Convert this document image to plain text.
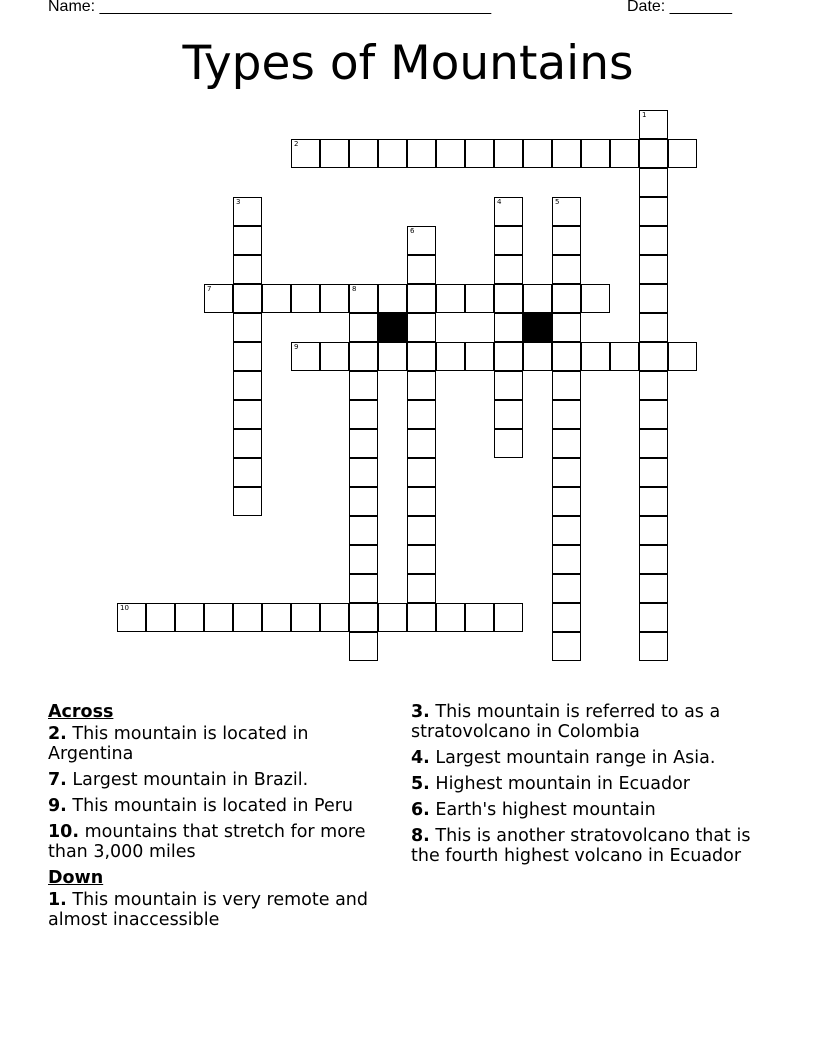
Name: ____________________________________________	Date: _______
Types of Mountains
2
7	8
9
10
1
3
6
4	5
Across
2. This mountain is located in Argentina
7. Largest mountain in Brazil.
9. This mountain is located in Peru
10. mountains that stretch for more than 3,000 miles
Down
1. This mountain is very remote and almost inaccessible
3. This mountain is referred to as a stratovolcano in Colombia
4. Largest mountain range in Asia.
5. Highest mountain in Ecuador
6. Earth's highest mountain
8. This is another stratovolcano that is the fourth highest volcano in Ecuador
